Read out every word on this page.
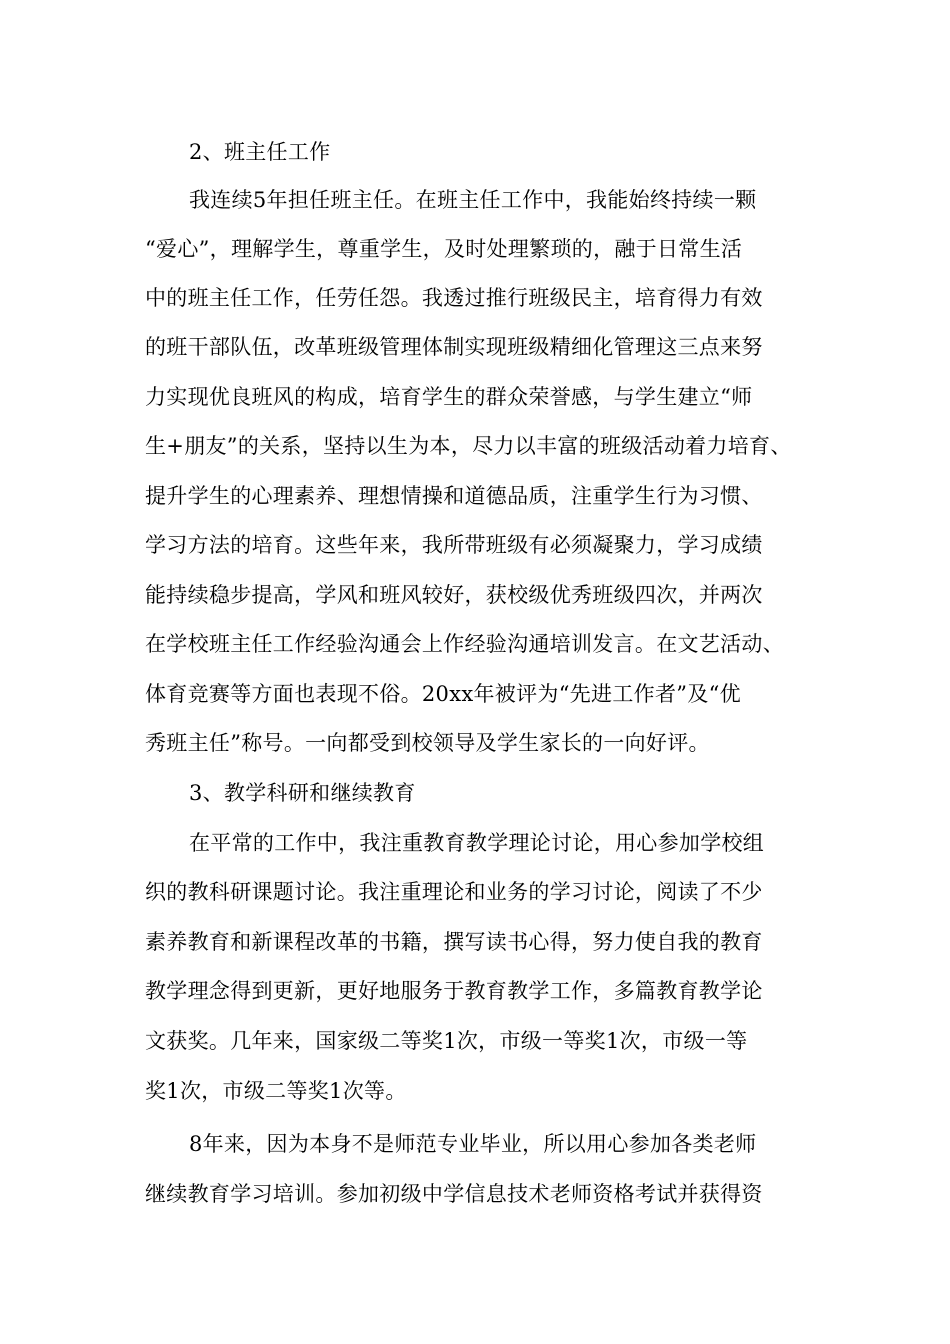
2、班主任工作
我连续5年担任班主任。在班主任工作中，我能始终持续一颗
“爱心”，理解学生，尊重学生，及时处理繁琐的，融于日常生活
中的班主任工作，任劳任怨。我透过推行班级民主，培育得力有效
的班干部队伍，改革班级管理体制实现班级精细化管理这三点来努
力实现优良班风的构成，培育学生的群众荣誉感，与学生建立“师
生+朋友”的关系，坚持以生为本，尽力以丰富的班级活动着力培育、
提升学生的心理素养、理想情操和道德品质，注重学生行为习惯、
学习方法的培育。这些年来，我所带班级有必须凝聚力，学习成绩
能持续稳步提高，学风和班风较好，获校级优秀班级四次，并两次
在学校班主任工作经验沟通会上作经验沟通培训发言。在文艺活动、
体育竞赛等方面也表现不俗。20xx年被评为“先进工作者”及“优
秀班主任”称号。一向都受到校领导及学生家长的一向好评。
3、教学科研和继续教育
在平常的工作中，我注重教育教学理论讨论，用心参加学校组
织的教科研课题讨论。我注重理论和业务的学习讨论，阅读了不少
素养教育和新课程改革的书籍，撰写读书心得，努力使自我的教育
教学理念得到更新，更好地服务于教育教学工作，多篇教育教学论
文获奖。几年来，国家级二等奖1次，市级一等奖1次，市级一等
奖1次，市级二等奖1次等。
8年来，因为本身不是师范专业毕业，所以用心参加各类老师
继续教育学习培训。参加初级中学信息技术老师资格考试并获得资
